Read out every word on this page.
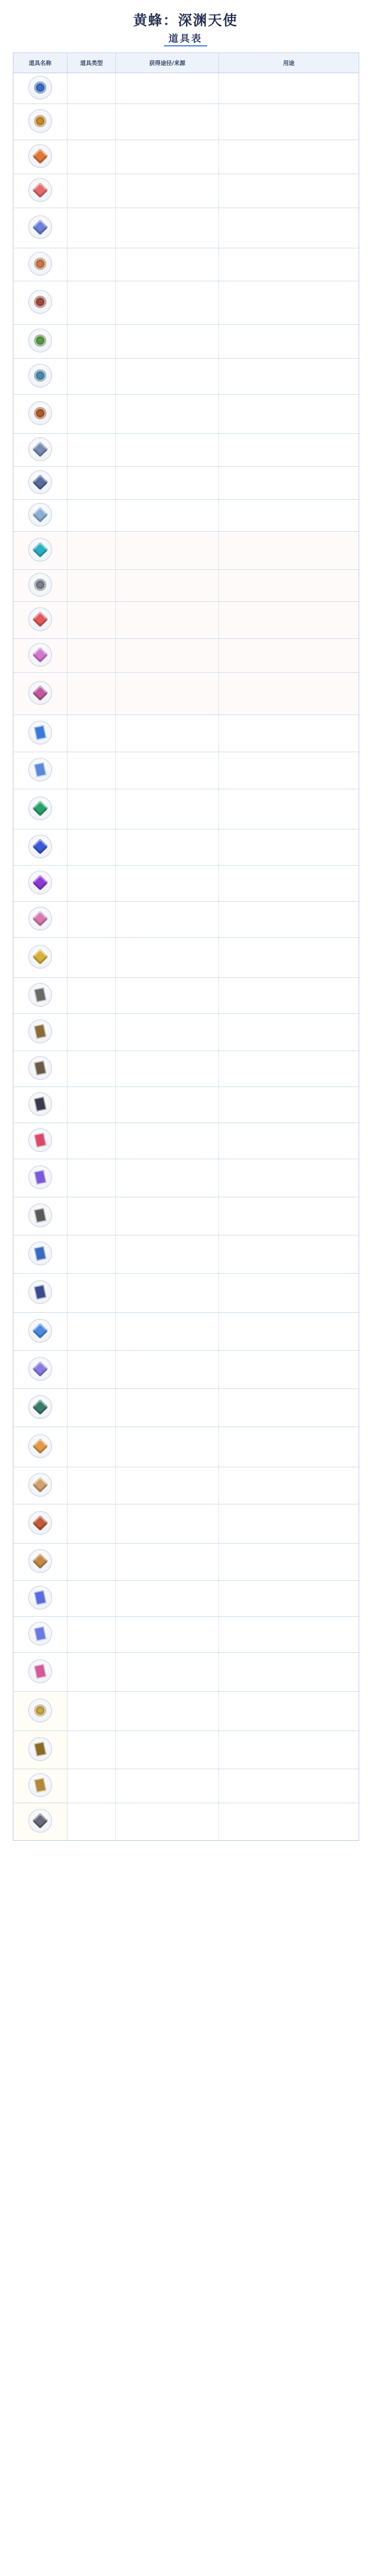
黄蜂：深渊天使
道具表
道具名称	道具类型	获得途径/来源	用途
